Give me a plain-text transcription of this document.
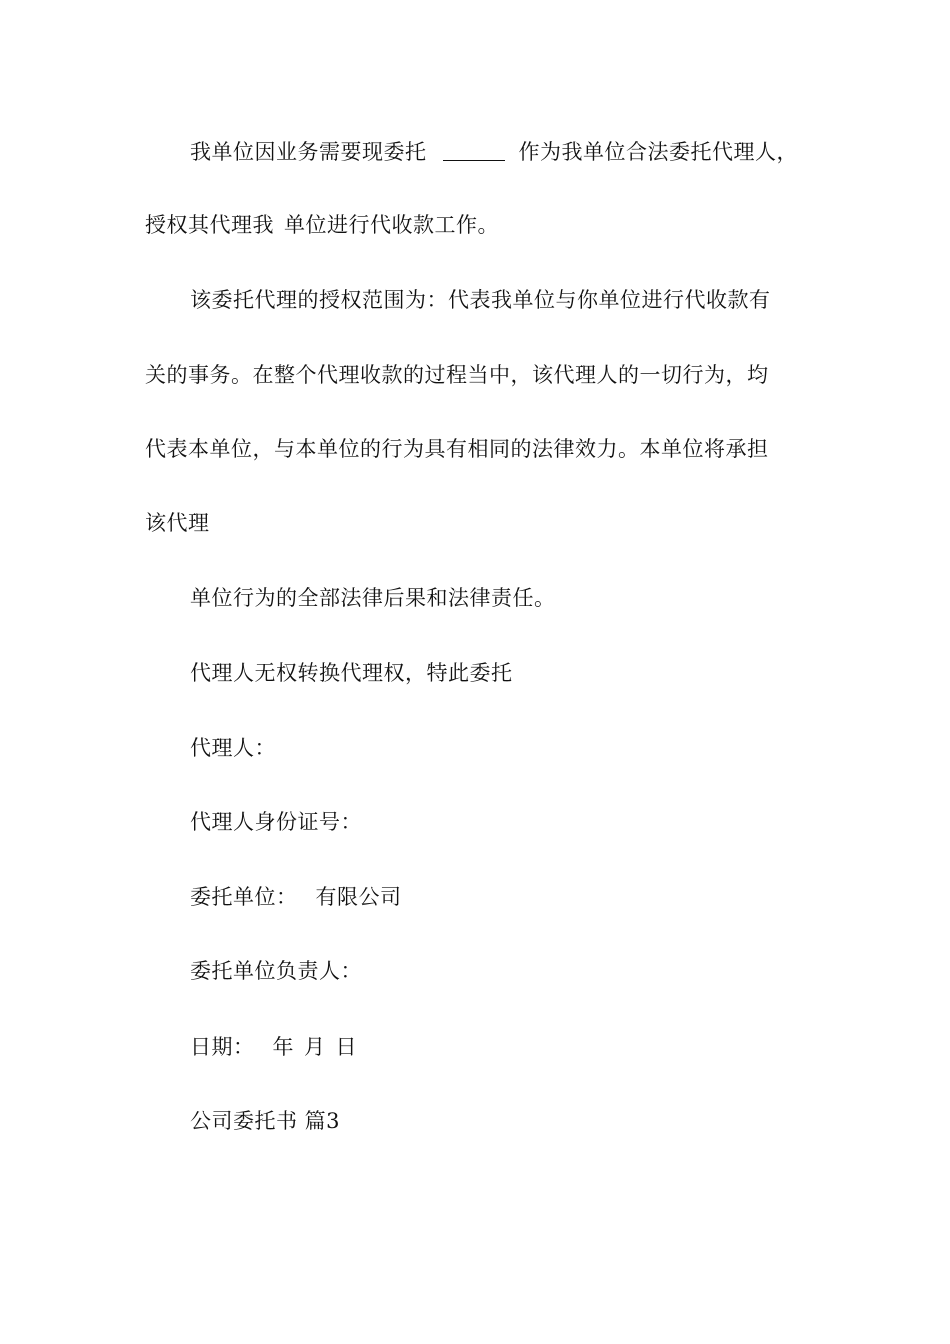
我单位因业务需要现委托	作为我单位合法委托代理人，
授权其代理我 单位进行代收款工作。
该委托代理的授权范围为：代表我单位与你单位进行代收款有
关的事务。在整个代理收款的过程当中，该代理人的一切行为，均
代表本单位，与本单位的行为具有相同的法律效力。本单位将承担
该代理
单位行为的全部法律后果和法律责任。
代理人无权转换代理权，特此委托
代理人：
代理人身份证号：
委托单位： 有限公司
委托单位负责人：
日期： 年 月 日
公司委托书 篇3
